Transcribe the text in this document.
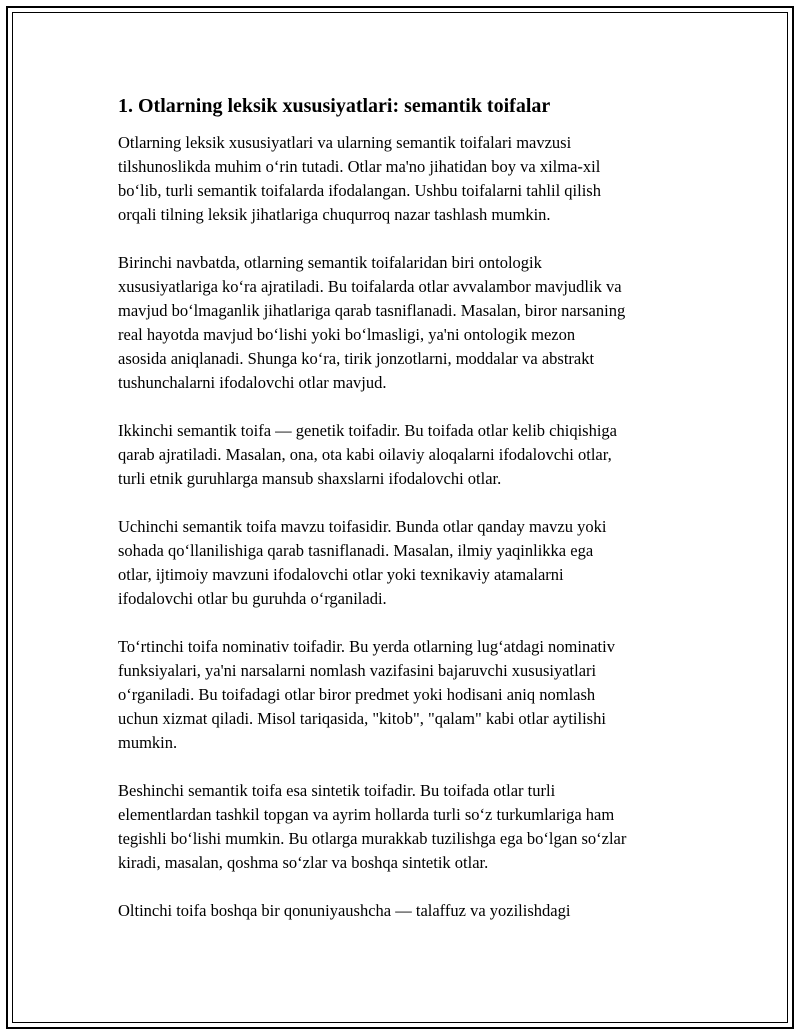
1. Otlarning leksik xususiyatlari: semantik toifalar
Otlarning leksik xususiyatlari va ularning semantik toifalari mavzusi
tilshunoslikda muhim o‘rin tutadi. Otlar ma'no jihatidan boy va xilma-xil
bo‘lib, turli semantik toifalarda ifodalangan. Ushbu toifalarni tahlil qilish
orqali tilning leksik jihatlariga chuqurroq nazar tashlash mumkin.
Birinchi navbatda, otlarning semantik toifalaridan biri ontologik
xususiyatlariga ko‘ra ajratiladi. Bu toifalarda otlar avvalambor mavjudlik va
mavjud bo‘lmaganlik jihatlariga qarab tasniflanadi. Masalan, biror narsaning
real hayotda mavjud bo‘lishi yoki bo‘lmasligi, ya'ni ontologik mezon
asosida aniqlanadi. Shunga ko‘ra, tirik jonzotlarni, moddalar va abstrakt
tushunchalarni ifodalovchi otlar mavjud.
Ikkinchi semantik toifa — genetik toifadir. Bu toifada otlar kelib chiqishiga
qarab ajratiladi. Masalan, ona, ota kabi oilaviy aloqalarni ifodalovchi otlar,
turli etnik guruhlarga mansub shaxslarni ifodalovchi otlar.
Uchinchi semantik toifa mavzu toifasidir. Bunda otlar qanday mavzu yoki
sohada qo‘llanilishiga qarab tasniflanadi. Masalan, ilmiy yaqinlikka ega
otlar, ijtimoiy mavzuni ifodalovchi otlar yoki texnikaviy atamalarni
ifodalovchi otlar bu guruhda o‘rganiladi.
To‘rtinchi toifa nominativ toifadir. Bu yerda otlarning lug‘atdagi nominativ
funksiyalari, ya'ni narsalarni nomlash vazifasini bajaruvchi xususiyatlari
o‘rganiladi. Bu toifadagi otlar biror predmet yoki hodisani aniq nomlash
uchun xizmat qiladi. Misol tariqasida, "kitob", "qalam" kabi otlar aytilishi
mumkin.
Beshinchi semantik toifa esa sintetik toifadir. Bu toifada otlar turli
elementlardan tashkil topgan va ayrim hollarda turli so‘z turkumlariga ham
tegishli bo‘lishi mumkin. Bu otlarga murakkab tuzilishga ega bo‘lgan so‘zlar
kiradi, masalan, qoshma so‘zlar va boshqa sintetik otlar.
Oltinchi toifa boshqa bir qonuniyaushcha — talaffuz va yozilishdagi
